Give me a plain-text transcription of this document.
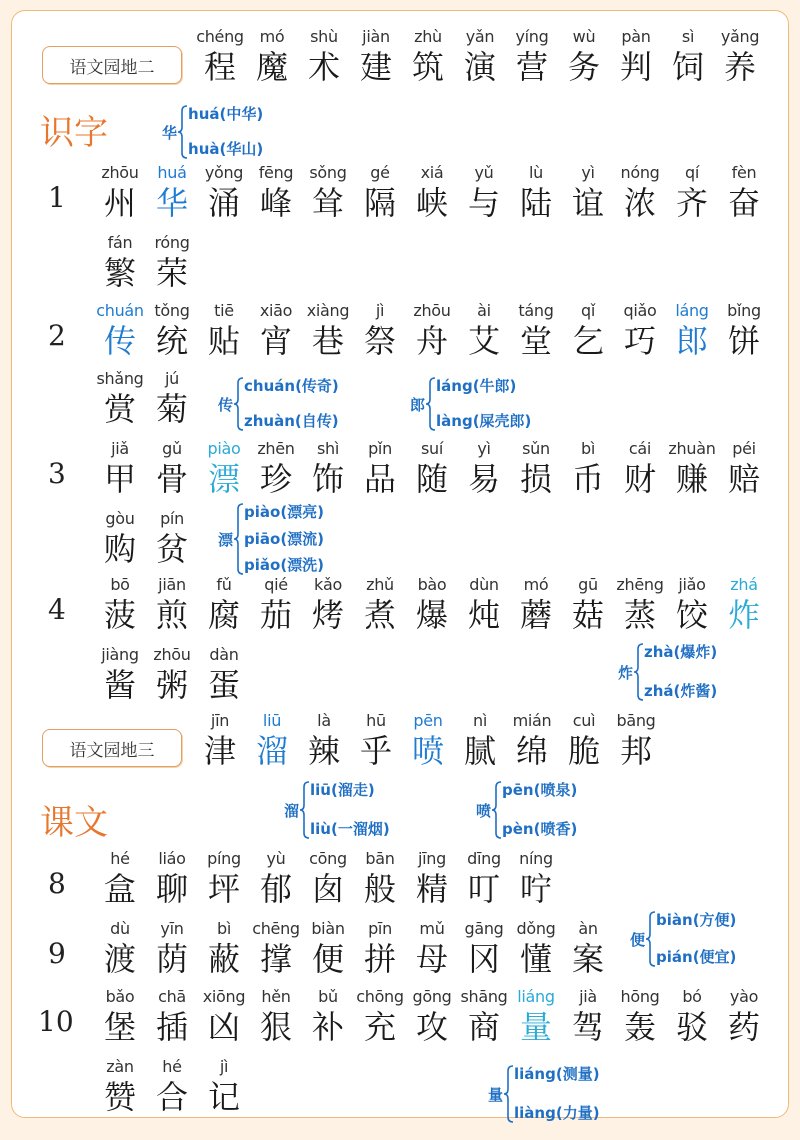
语文园地二
chéng
程
mó
魔
shù
术
jiàn
建
zhù
筑
yǎn
演
yíng
营
wù
务
pàn
判
sì
饲
yǎng
养
识字
1
zhōu
州
huá
华
yǒng
涌
fēng
峰
sǒng
耸
gé
隔
xiá
峡
yǔ
与
lù
陆
yì
谊
nóng
浓
qí
齐
fèn
奋
fán
繁
róng
荣
2
chuán
传
tǒng
统
tiē
贴
xiāo
宵
xiàng
巷
jì
祭
zhōu
舟
ài
艾
táng
堂
qǐ
乞
qiǎo
巧
láng
郎
bǐng
饼
shǎng
赏
jú
菊
3
jiǎ
甲
gǔ
骨
piào
漂
zhēn
珍
shì
饰
pǐn
品
suí
随
yì
易
sǔn
损
bì
币
cái
财
zhuàn
赚
péi
赔
gòu
购
pín
贫
4
bō
菠
jiān
煎
fǔ
腐
qié
茄
kǎo
烤
zhǔ
煮
bào
爆
dùn
炖
mó
蘑
gū
菇
zhēng
蒸
jiǎo
饺
zhá
炸
jiàng
酱
zhōu
粥
dàn
蛋
语文园地三
jīn
津
liū
溜
là
辣
hū
乎
pēn
喷
nì
腻
mián
绵
cuì
脆
bāng
邦
课文
8
hé
盒
liáo
聊
píng
坪
yù
郁
cōng
囱
bān
般
jīng
精
dīng
叮
níng
咛
9
dù
渡
yīn
荫
bì
蔽
chēng
撑
biàn
便
pīn
拼
mǔ
母
gāng
冈
dǒng
懂
àn
案
10
bǎo
堡
chā
插
xiōng
凶
hěn
狠
bǔ
补
chōng
充
gōng
攻
shāng
商
liáng
量
jià
驾
hōng
轰
bó
驳
yào
药
zàn
赞
hé
合
jì
记
华
huá(中华)
huà(华山)
传
chuán(传奇)
zhuàn(自传)
郎
láng(牛郎)
làng(屎壳郎)
漂
piào(漂亮)
piāo(漂流)
piǎo(漂洗)
炸
zhà(爆炸)
zhá(炸酱)
溜
liū(溜走)
liù(一溜烟)
喷
pēn(喷泉)
pèn(喷香)
便
biàn(方便)
pián(便宜)
量
liáng(测量)
liàng(力量)
